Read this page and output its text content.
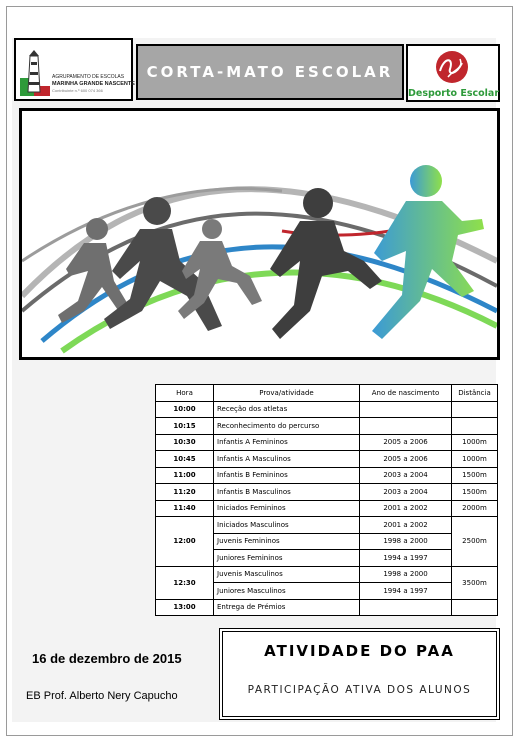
AGRUPAMENTO DE ESCOLAS
MARINHA GRANDE NASCENTE
Contribuinte n.º 600 074 366
CORTA-MATO ESCOLAR
Desporto Escolar
Hora	Prova/atividade	Ano de nascimento	Distância
10:00	Receção dos atletas		
10:15	Reconhecimento do percurso		
10:30	Infantis A Femininos	2005 a 2006	1000m
10:45	Infantis A Masculinos	2005 a 2006	1000m
11:00	Infantis B Femininos	2003 a 2004	1500m
11:20	Infantis B Masculinos	2003 a 2004	1500m
11:40	Iniciados Femininos	2001 a 2002	2000m
12:00	Iniciados Masculinos	2001 a 2002	2500m
	Juvenis Femininos	1998 a 2000	
	Juniores Femininos	1994 a 1997	
12:30	Juvenis Masculinos	1998 a 2000	3500m
	Juniores Masculinos	1994 a 1997	
13:00	Entrega de Prémios		
16 de dezembro de 2015
EB Prof. Alberto Nery Capucho
ATIVIDADE DO PAA
PARTICIPAÇÃO ATIVA DOS ALUNOS
